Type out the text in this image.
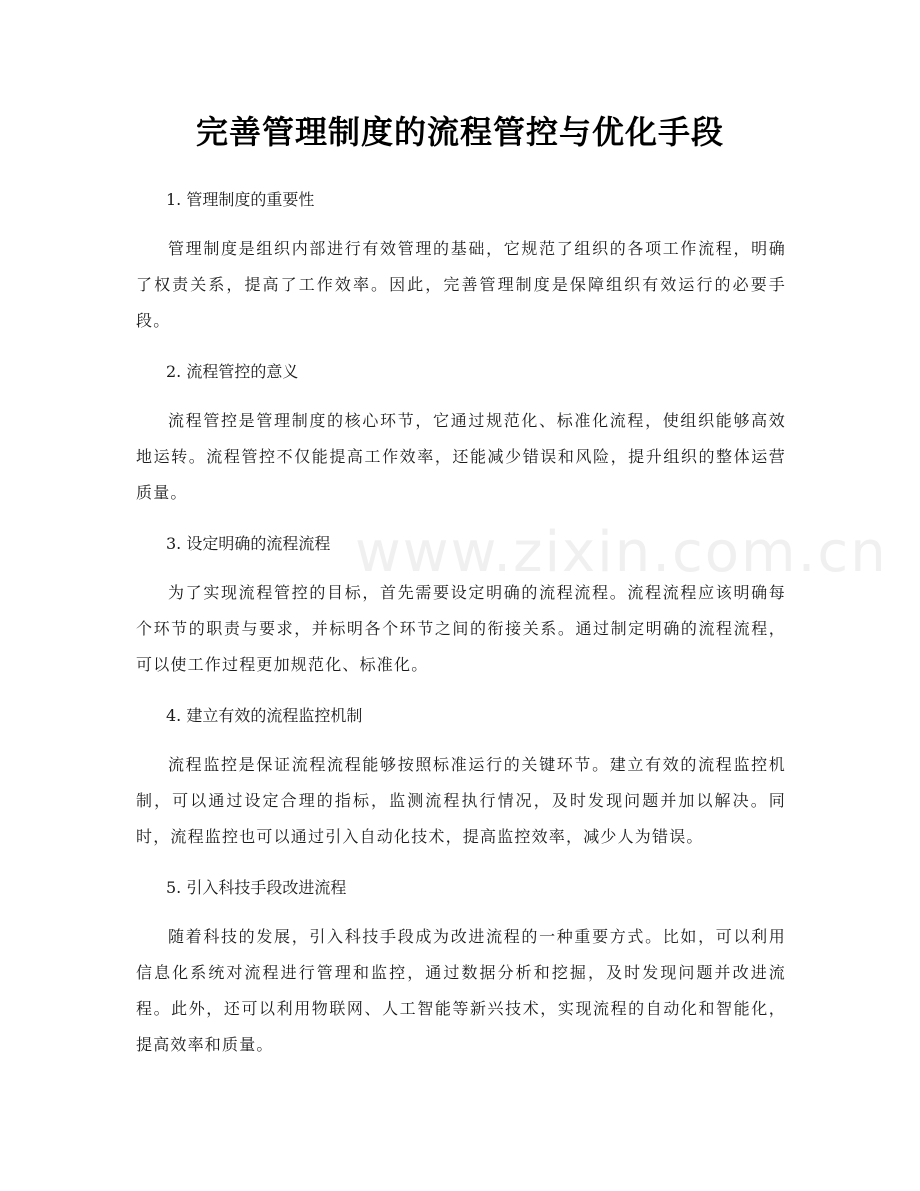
完善管理制度的流程管控与优化手段

1. 管理制度的重要性

管理制度是组织内部进行有效管理的基础，它规范了组织的各项工作流程，明确了权责关系，提高了工作效率。因此，完善管理制度是保障组织有效运行的必要手段。

2. 流程管控的意义

流程管控是管理制度的核心环节，它通过规范化、标准化流程，使组织能够高效地运转。流程管控不仅能提高工作效率，还能减少错误和风险，提升组织的整体运营质量。

3. 设定明确的流程流程

为了实现流程管控的目标，首先需要设定明确的流程流程。流程流程应该明确每个环节的职责与要求，并标明各个环节之间的衔接关系。通过制定明确的流程流程，可以使工作过程更加规范化、标准化。

4. 建立有效的流程监控机制

流程监控是保证流程流程能够按照标准运行的关键环节。建立有效的流程监控机制，可以通过设定合理的指标，监测流程执行情况，及时发现问题并加以解决。同时，流程监控也可以通过引入自动化技术，提高监控效率，减少人为错误。

5. 引入科技手段改进流程

随着科技的发展，引入科技手段成为改进流程的一种重要方式。比如，可以利用信息化系统对流程进行管理和监控，通过数据分析和挖掘，及时发现问题并改进流程。此外，还可以利用物联网、人工智能等新兴技术，实现流程的自动化和智能化，提高效率和质量。

www.zixin.com.cn
